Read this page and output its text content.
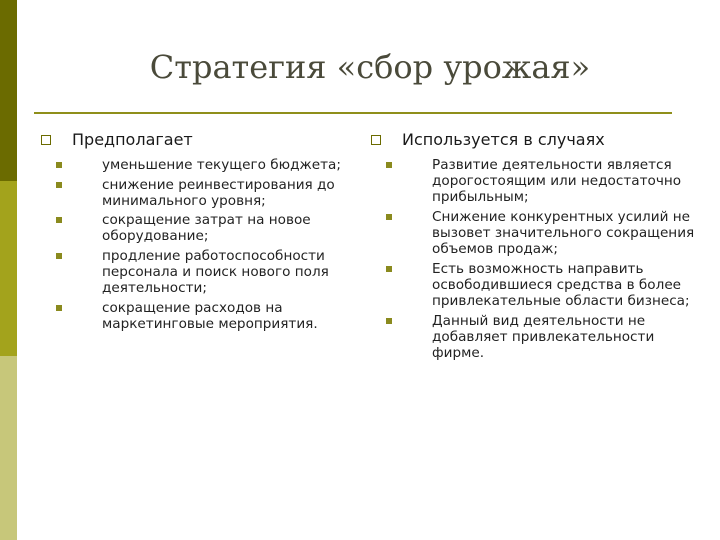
Стратегия «сбор урожая»
Предполагает
уменьшение текущего бюджета;
снижение реинвестирования до минимального уровня;
сокращение затрат на новое оборудование;
продление работоспособности персонала и поиск нового поля деятельности;
сокращение расходов на маркетинговые мероприятия.
Используется в случаях
Развитие деятельности является дорогостоящим или недостаточно прибыльным;
Снижение конкурентных усилий не вызовет значительного сокращения объемов продаж;
Есть возможность направить освободившиеся средства в более привлекательные области бизнеса;
Данный вид деятельности не добавляет привлекательности фирме.
